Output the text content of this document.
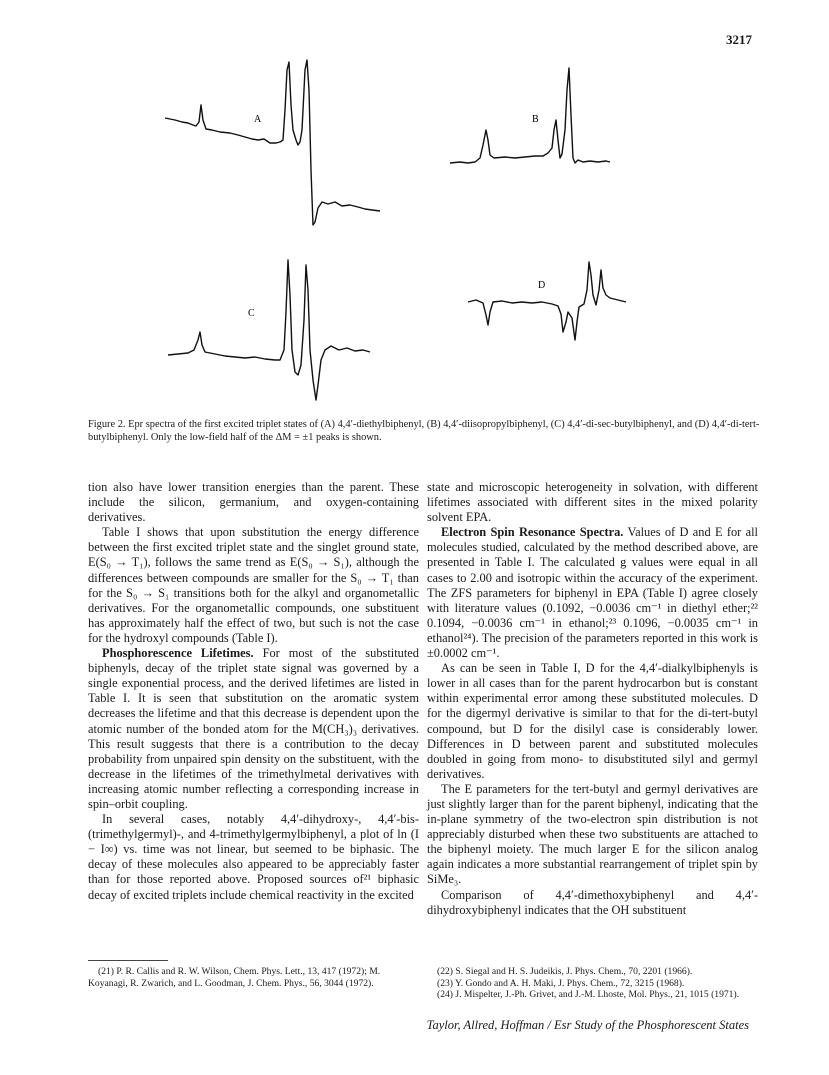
3217
A	B
C
D
Figure 2. Epr spectra of the first excited triplet states of (A) 4,4′-diethylbiphenyl, (B) 4,4′-diisopropylbiphenyl, (C) 4,4′-di-sec-butylbiphenyl, and (D) 4,4′-di-tert-butylbiphenyl. Only the low-field half of the ΔM = ±1 peaks is shown.

tion also have lower transition energies than the parent. These include the silicon, germanium, and oxygen-containing derivatives.

Table I shows that upon substitution the energy difference between the first excited triplet state and the singlet ground state, E(S₀ → T₁), follows the same trend as E(S₀ → S₁), although the differences between compounds are smaller for the S₀ → T₁ than for the S₀ → S₁ transitions both for the alkyl and organometallic derivatives. For the organometallic compounds, one substituent has approximately half the effect of two, but such is not the case for the hydroxyl compounds (Table I).

Phosphorescence Lifetimes. For most of the substituted biphenyls, decay of the triplet state signal was governed by a single exponential process, and the derived lifetimes are listed in Table I. It is seen that substitution on the aromatic system decreases the lifetime and that this decrease is dependent upon the atomic number of the bonded atom for the M(CH₃)₃ derivatives. This result suggests that there is a contribution to the decay probability from unpaired spin density on the substituent, with the decrease in the lifetimes of the trimethylmetal derivatives with increasing atomic number reflecting a corresponding increase in spin–orbit coupling.

In several cases, notably 4,4′-dihydroxy-, 4,4′-bis-(trimethylgermyl)-, and 4-trimethylgermylbiphenyl, a plot of ln (I − I∞) vs. time was not linear, but seemed to be biphasic. The decay of these molecules also appeared to be appreciably faster than for those reported above. Proposed sources of²¹ biphasic decay of excited triplets include chemical reactivity in the excited

state and microscopic heterogeneity in solvation, with different lifetimes associated with different sites in the mixed polarity solvent EPA.

Electron Spin Resonance Spectra. Values of D and E for all molecules studied, calculated by the method described above, are presented in Table I. The calculated g values were equal in all cases to 2.00 and isotropic within the accuracy of the experiment. The ZFS parameters for biphenyl in EPA (Table I) agree closely with literature values (0.1092, −0.0036 cm⁻¹ in diethyl ether;²² 0.1094, −0.0036 cm⁻¹ in ethanol;²³ 0.1096, −0.0035 cm⁻¹ in ethanol²⁴). The precision of the parameters reported in this work is ±0.0002 cm⁻¹.

As can be seen in Table I, D for the 4,4′-dialkylbiphenyls is lower in all cases than for the parent hydrocarbon but is constant within experimental error among these substituted molecules. D for the digermyl derivative is similar to that for the di-tert-butyl compound, but D for the disilyl case is considerably lower. Differences in D between parent and substituted molecules doubled in going from mono- to disubstituted silyl and germyl derivatives.

The E parameters for the tert-butyl and germyl derivatives are just slightly larger than for the parent biphenyl, indicating that the in-plane symmetry of the two-electron spin distribution is not appreciably disturbed when these two substituents are attached to the biphenyl moiety. The much larger E for the silicon analog again indicates a more substantial rearrangement of triplet spin by SiMe₃.

Comparison of 4,4′-dimethoxybiphenyl and 4,4′-dihydroxybiphenyl indicates that the OH substituent

(21) P. R. Callis and R. W. Wilson, Chem. Phys. Lett., 13, 417 (1972); M. Koyanagi, R. Zwarich, and L. Goodman, J. Chem. Phys., 56, 3044 (1972).

(22) S. Siegal and H. S. Judeikis, J. Phys. Chem., 70, 2201 (1966).

(23) Y. Gondo and A. H. Maki, J. Phys. Chem., 72, 3215 (1968).

(24) J. Mispelter, J.-Ph. Grivet, and J.-M. Lhoste, Mol. Phys., 21, 1015 (1971).

Taylor, Allred, Hoffman / Esr Study of the Phosphorescent States
